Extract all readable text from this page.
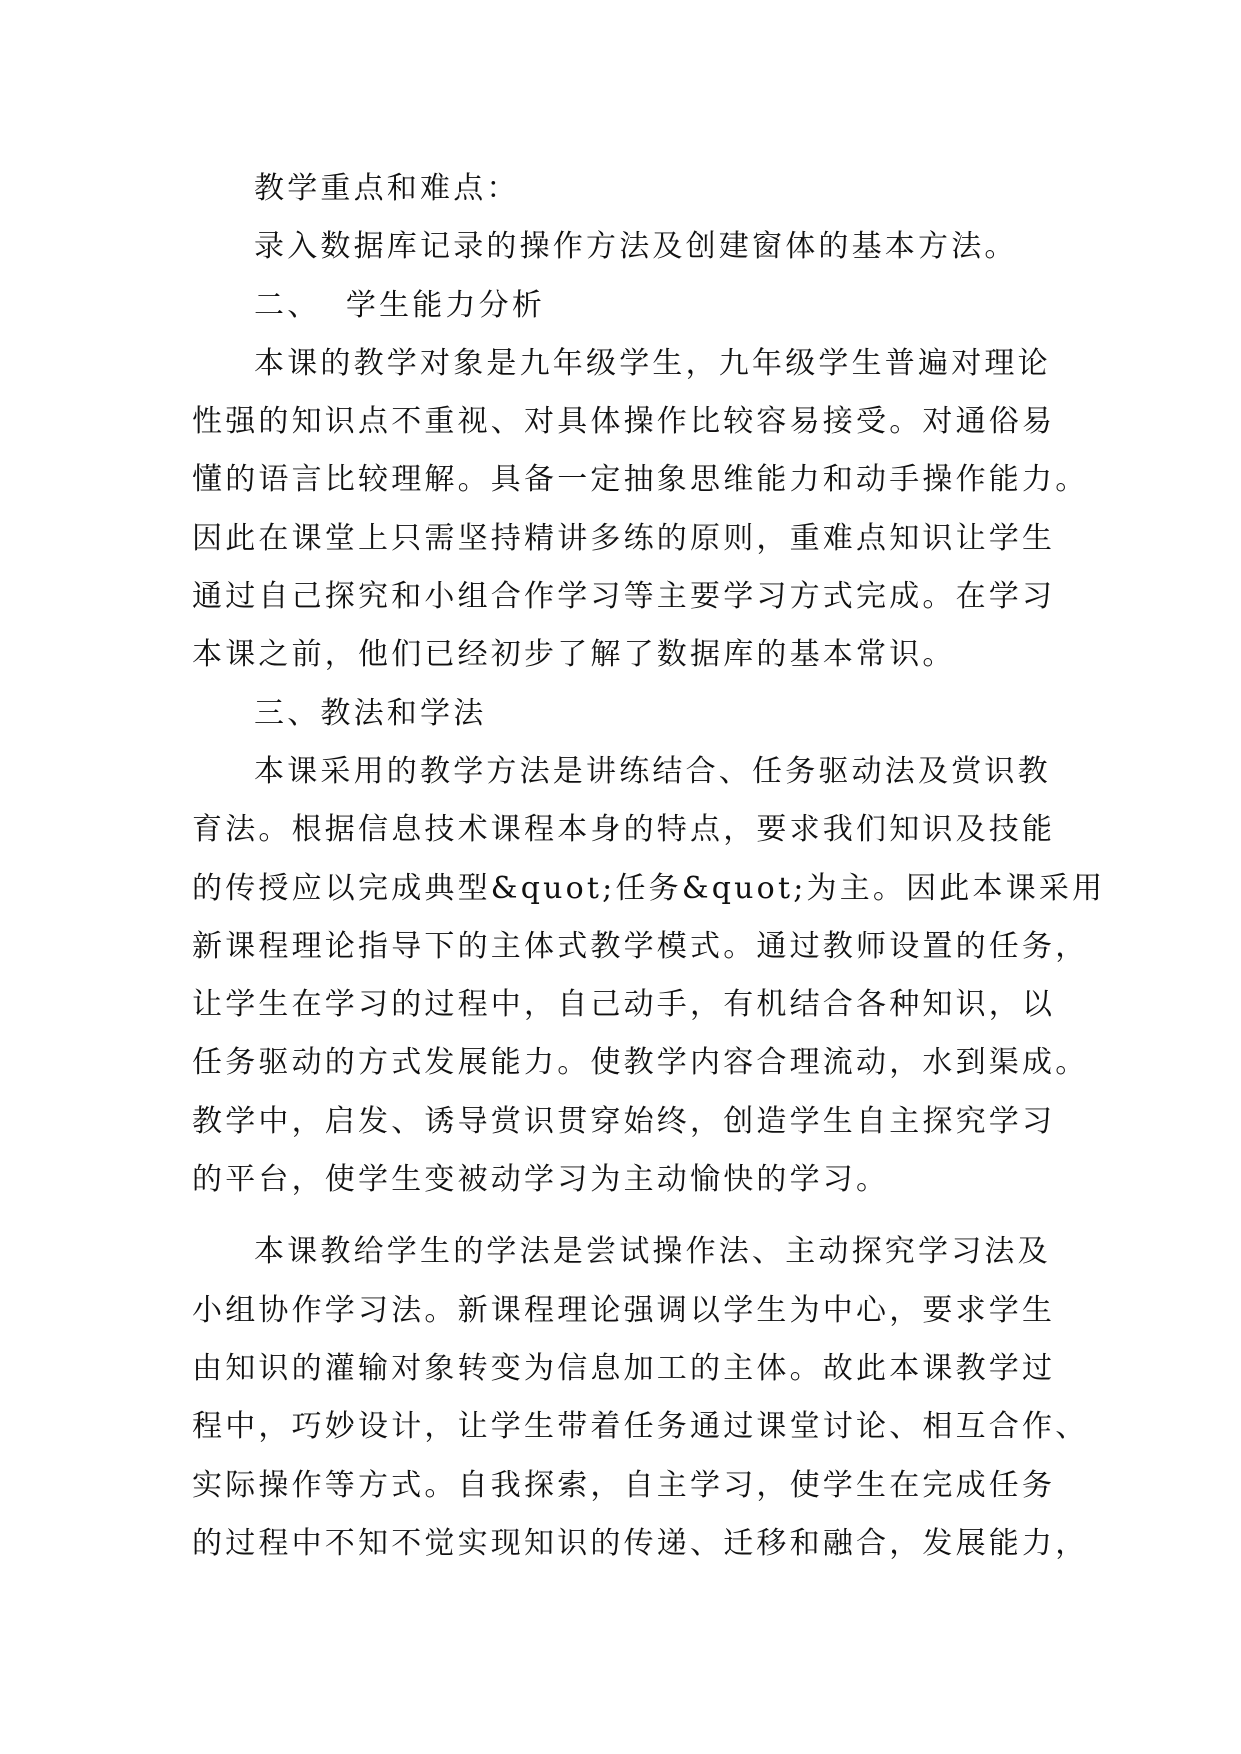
教学重点和难点：
录入数据库记录的操作方法及创建窗体的基本方法。
二、  学生能力分析
本课的教学对象是九年级学生，九年级学生普遍对理论
性强的知识点不重视、对具体操作比较容易接受。对通俗易
懂的语言比较理解。具备一定抽象思维能力和动手操作能力。
因此在课堂上只需坚持精讲多练的原则，重难点知识让学生
通过自己探究和小组合作学习等主要学习方式完成。在学习
本课之前，他们已经初步了解了数据库的基本常识。
三、教法和学法
本课采用的教学方法是讲练结合、任务驱动法及赏识教
育法。根据信息技术课程本身的特点，要求我们知识及技能
的传授应以完成典型&quot;任务&quot;为主。因此本课采用
新课程理论指导下的主体式教学模式。通过教师设置的任务，
让学生在学习的过程中，自己动手，有机结合各种知识，以
任务驱动的方式发展能力。使教学内容合理流动，水到渠成。
教学中，启发、诱导赏识贯穿始终，创造学生自主探究学习
的平台，使学生变被动学习为主动愉快的学习。
本课教给学生的学法是尝试操作法、主动探究学习法及
小组协作学习法。新课程理论强调以学生为中心，要求学生
由知识的灌输对象转变为信息加工的主体。故此本课教学过
程中，巧妙设计，让学生带着任务通过课堂讨论、相互合作、
实际操作等方式。自我探索，自主学习，使学生在完成任务
的过程中不知不觉实现知识的传递、迁移和融合，发展能力，
